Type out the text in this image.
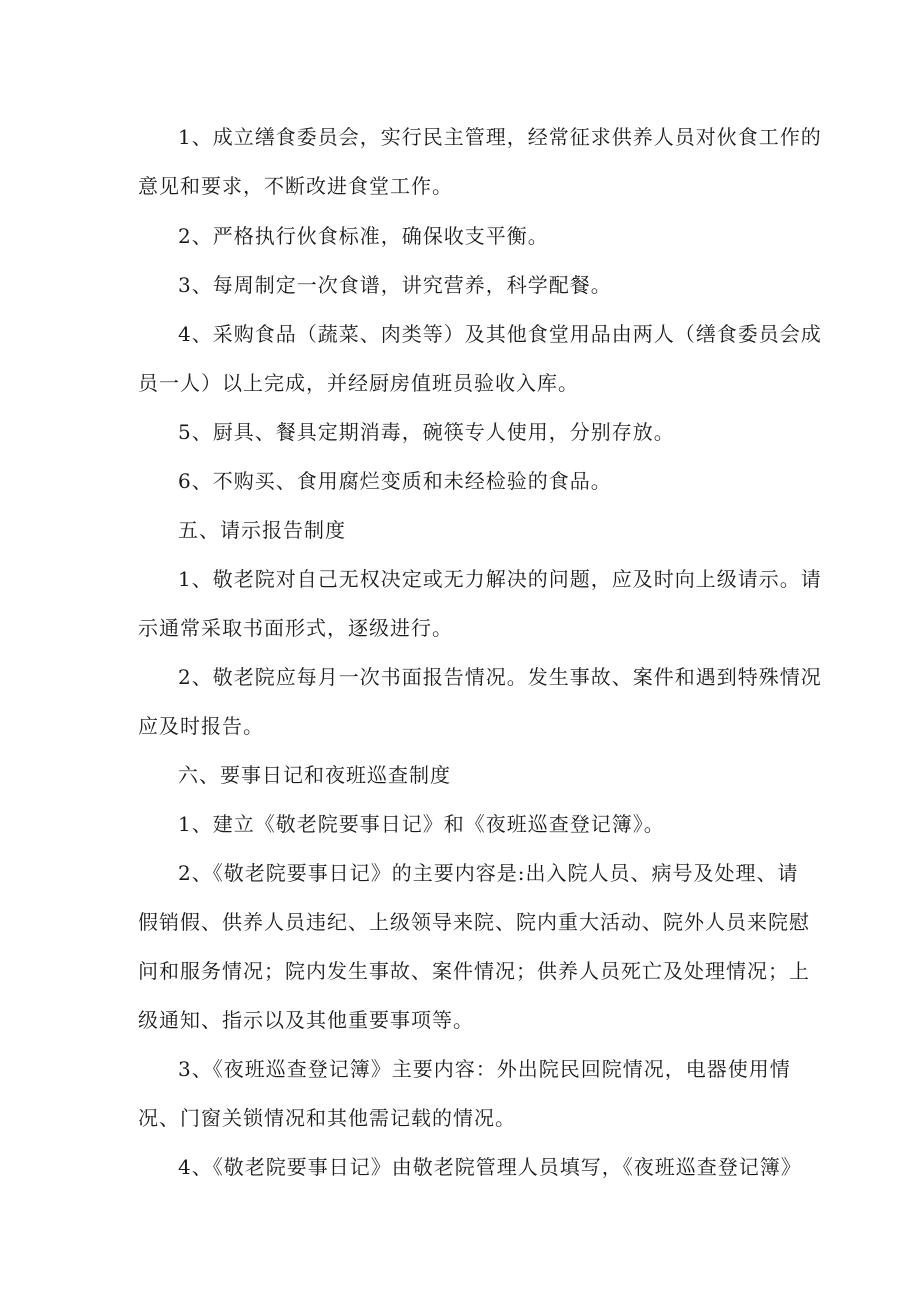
1、成立缮食委员会，实行民主管理，经常征求供养人员对伙食工作的

意见和要求，不断改进食堂工作。

2、严格执行伙食标准，确保收支平衡。

3、每周制定一次食谱，讲究营养，科学配餐。

4、采购食品（蔬菜、肉类等）及其他食堂用品由两人（缮食委员会成

员一人）以上完成，并经厨房值班员验收入库。

5、厨具、餐具定期消毒，碗筷专人使用，分别存放。

6、不购买、食用腐烂变质和未经检验的食品。

五、请示报告制度

1、敬老院对自己无权决定或无力解决的问题，应及时向上级请示。请

示通常采取书面形式，逐级进行。

2、敬老院应每月一次书面报告情况。发生事故、案件和遇到特殊情况

应及时报告。

六、要事日记和夜班巡查制度

1、建立《敬老院要事日记》和《夜班巡查登记簿》。

2、《敬老院要事日记》的主要内容是:出入院人员、病号及处理、请

假销假、供养人员违纪、上级领导来院、院内重大活动、院外人员来院慰

问和服务情况；院内发生事故、案件情况；供养人员死亡及处理情况；上

级通知、指示以及其他重要事项等。

3、《夜班巡查登记簿》主要内容：外出院民回院情况，电器使用情

况、门窗关锁情况和其他需记载的情况。

4、《敬老院要事日记》由敬老院管理人员填写，《夜班巡查登记簿》
